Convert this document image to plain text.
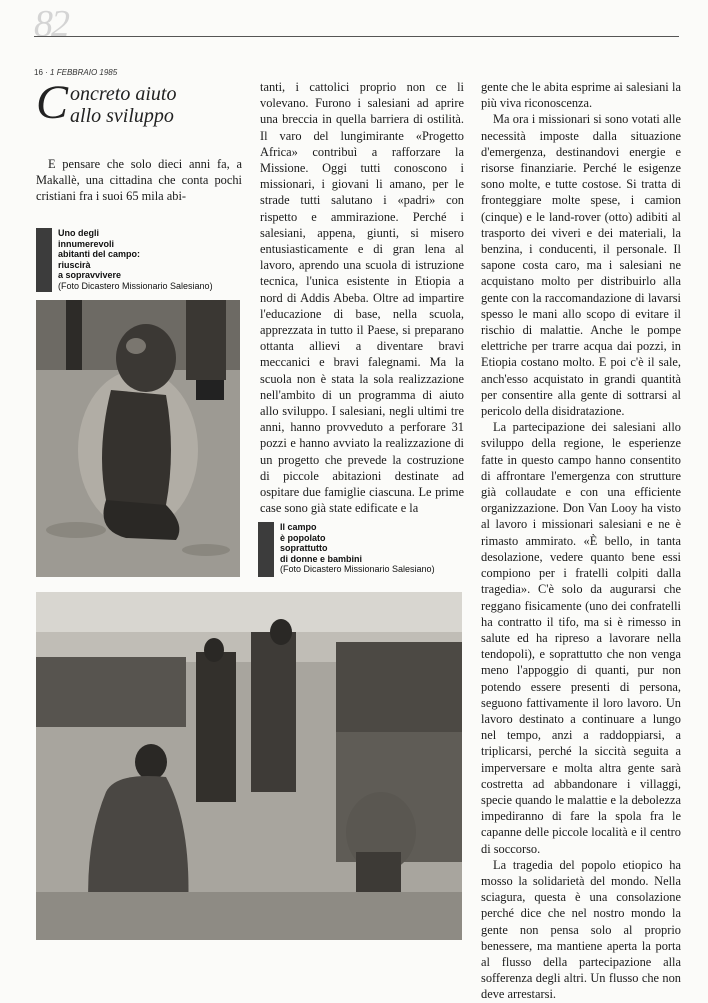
82
16 · 1 FEBBRAIO 1985
C oncreto aiuto
allo sviluppo

E pensare che solo dieci anni fa, a Makallè, una cittadina che conta pochi cristiani fra i suoi 65 mila abi-

Uno degli
innumerevoli
abitanti del campo:
riuscirà
a sopravvivere
(Foto Dicastero Missionario Salesiano)

tanti, i cattolici proprio non ce li volevano. Furono i salesiani ad aprire una breccia in quella barriera di ostilità. Il varo del lungimirante «Progetto Africa» contribuì a rafforzare la Missione. Oggi tutti conoscono i missionari, i giovani li amano, per le strade tutti salutano i «padri» con rispetto e ammirazione. Perché i salesiani, appena, giunti, si misero entusiasticamente e di gran lena al lavoro, aprendo una scuola di istruzione tecnica, l'unica esistente in Etiopia a nord di Addis Abeba. Oltre ad impartire l'educazione di base, nella scuola, apprezzata in tutto il Paese, si preparano ottanta allievi a diventare bravi meccanici e bravi falegnami. Ma la scuola non è stata la sola realizzazione nell'ambito di un programma di aiuto allo sviluppo. I salesiani, negli ultimi tre anni, hanno provveduto a perforare 31 pozzi e hanno avviato la realizzazione di un progetto che prevede la costruzione di piccole abitazioni destinate ad ospitare due famiglie ciascuna. Le prime case sono già state edificate e la

Il campo
è popolato
soprattutto
di donne e bambini
(Foto Dicastero Missionario Salesiano)

gente che le abita esprime ai salesiani la più viva riconoscenza.

Ma ora i missionari si sono votati alle necessità imposte dalla situazione d'emergenza, destinandovi energie e risorse finanziarie. Perché le esigenze sono molte, e tutte costose. Si tratta di fronteggiare molte spese, i camion (cinque) e le land-rover (otto) adibiti al trasporto dei viveri e dei materiali, la benzina, i conducenti, il personale. Il sapone costa caro, ma i salesiani ne acquistano molto per distribuirlo alla gente con la raccomandazione di lavarsi spesso le mani allo scopo di evitare il rischio di malattie. Anche le pompe elettriche per trarre acqua dai pozzi, in Etiopia costano molto. E poi c'è il sale, anch'esso acquistato in grandi quantità per consentire alla gente di sottrarsi al pericolo della disidratazione.

La partecipazione dei salesiani allo sviluppo della regione, le esperienze fatte in questo campo hanno consentito di affrontare l'emergenza con strutture già collaudate e con una efficiente organizzazione. Don Van Looy ha visto al lavoro i missionari salesiani e ne è rimasto ammirato. «È bello, in tanta desolazione, vedere quanto bene essi compiono per i fratelli colpiti dalla tragedia». C'è solo da augurarsi che reggano fisicamente (uno dei confratelli ha contratto il tifo, ma si è rimesso in salute ed ha ripreso a lavorare nella tendopoli), e soprattutto che non venga meno l'appoggio di quanti, pur non potendo essere presenti di persona, seguono fattivamente il loro lavoro. Un lavoro destinato a continuare a lungo nel tempo, anzi a raddoppiarsi, a triplicarsi, perché la siccità seguita a imperversare e molta altra gente sarà costretta ad abbandonare i villaggi, specie quando le malattie e la debolezza impediranno di fare la spola fra le capanne delle piccole località e il centro di soccorso.

La tragedia del popolo etiopico ha mosso la solidarietà del mondo. Nella sciagura, questa è una consolazione perché dice che nel nostro mondo la gente non pensa solo al proprio benessere, ma mantiene aperta la porta al flusso della partecipazione alla sofferenza degli altri. Un flusso che non deve arrestarsi.
